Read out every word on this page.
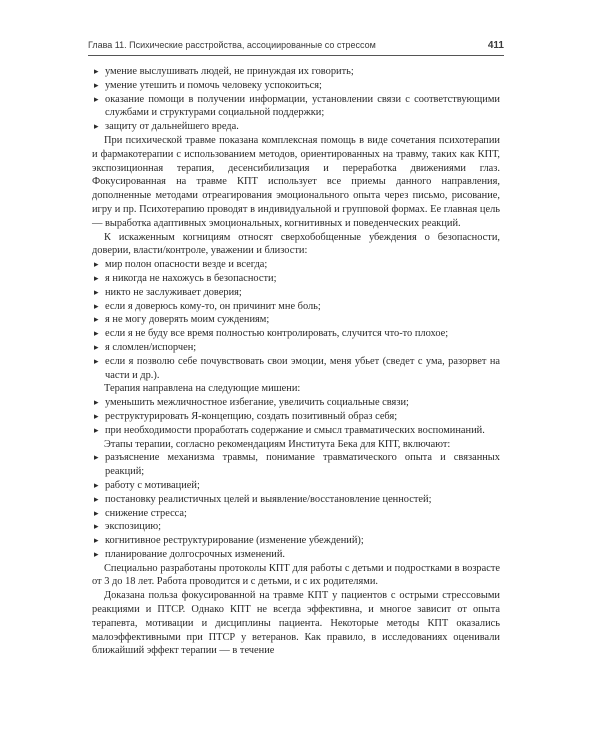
Глава 11. Психические расстройства, ассоциированные со стрессом	411
▸ умение выслушивать людей, не принуждая их говорить;
▸ умение утешить и помочь человеку успокоиться;
▸ оказание помощи в получении информации, установлении связи с соответствующими службами и структурами социальной поддержки;
▸ защиту от дальнейшего вреда.
При психической травме показана комплексная помощь в виде сочетания психотерапии и фармакотерапии с использованием методов, ориентированных на травму, таких как КПТ, экспозиционная терапия, десенсибилизация и переработка движениями глаз. Фокусированная на травме КПТ использует все приемы данного направления, дополненные методами отреагирования эмоционального опыта через письмо, рисование, игру и пр. Психотерапию проводят в индивидуальной и групповой формах. Ее главная цель — выработка адаптивных эмоциональных, когнитивных и поведенческих реакций.
К искаженным когнициям относят сверхобобщенные убеждения о безопасности, доверии, власти/контроле, уважении и близости:
▸ мир полон опасности везде и всегда;
▸ я никогда не нахожусь в безопасности;
▸ никто не заслуживает доверия;
▸ если я доверюсь кому-то, он причинит мне боль;
▸ я не могу доверять моим суждениям;
▸ если я не буду все время полностью контролировать, случится что-то плохое;
▸ я сломлен/испорчен;
▸ если я позволю себе почувствовать свои эмоции, меня убьет (сведет с ума, разорвет на части и др.).
Терапия направлена на следующие мишени:
▸ уменьшить межличностное избегание, увеличить социальные связи;
▸ реструктурировать Я-концепцию, создать позитивный образ себя;
▸ при необходимости проработать содержание и смысл травматических воспоминаний.
Этапы терапии, согласно рекомендациям Института Бека для КПТ, включают:
▸ разъяснение механизма травмы, понимание травматического опыта и связанных реакций;
▸ работу с мотивацией;
▸ постановку реалистичных целей и выявление/восстановление ценностей;
▸ снижение стресса;
▸ экспозицию;
▸ когнитивное реструктурирование (изменение убеждений);
▸ планирование долгосрочных изменений.
Специально разработаны протоколы КПТ для работы с детьми и подростками в возрасте от 3 до 18 лет. Работа проводится и с детьми, и с их родителями.
Доказана польза фокусированной на травме КПТ у пациентов с острыми стрессовыми реакциями и ПТСР. Однако КПТ не всегда эффективна, и многое зависит от опыта терапевта, мотивации и дисциплины пациента. Некоторые методы КПТ оказались малоэффективными при ПТСР у ветеранов. Как правило, в исследованиях оценивали ближайший эффект терапии — в течение
